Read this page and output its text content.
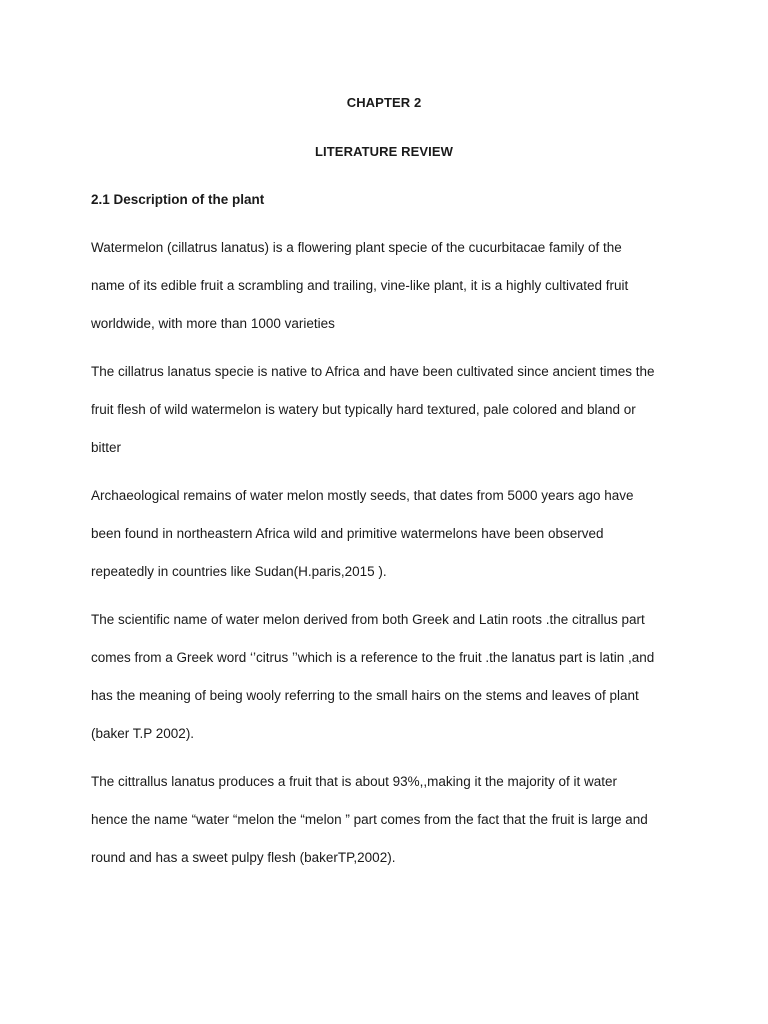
CHAPTER 2
LITERATURE REVIEW
2.1 Description of the plant

Watermelon (cillatrus lanatus) is a flowering plant specie of the cucurbitacae family of the
name of its edible fruit a scrambling and trailing, vine-like plant, it is a highly cultivated fruit
worldwide, with more than 1000 varieties

The cillatrus lanatus specie is native to Africa and have been cultivated since ancient times the
fruit flesh of wild watermelon is watery but typically hard textured, pale colored and bland or
bitter

Archaeological remains of water melon mostly seeds, that dates from 5000 years ago have
been found in northeastern Africa wild and primitive watermelons have been observed
repeatedly in countries like Sudan(H.paris,2015 ).

The scientific name of water melon derived from both Greek and Latin roots .the citrallus part
comes from a Greek word ‘’citrus ’’which is a reference to the fruit .the lanatus part is latin ,and
has the meaning of being wooly referring to the small hairs on the stems and leaves of plant
(baker T.P 2002).

The cittrallus lanatus produces a fruit that is about 93%,,making it the majority of it water
hence the name “water “melon the “melon ” part comes from the fact that the fruit is large and
round and has a sweet pulpy flesh (bakerTP,2002).
